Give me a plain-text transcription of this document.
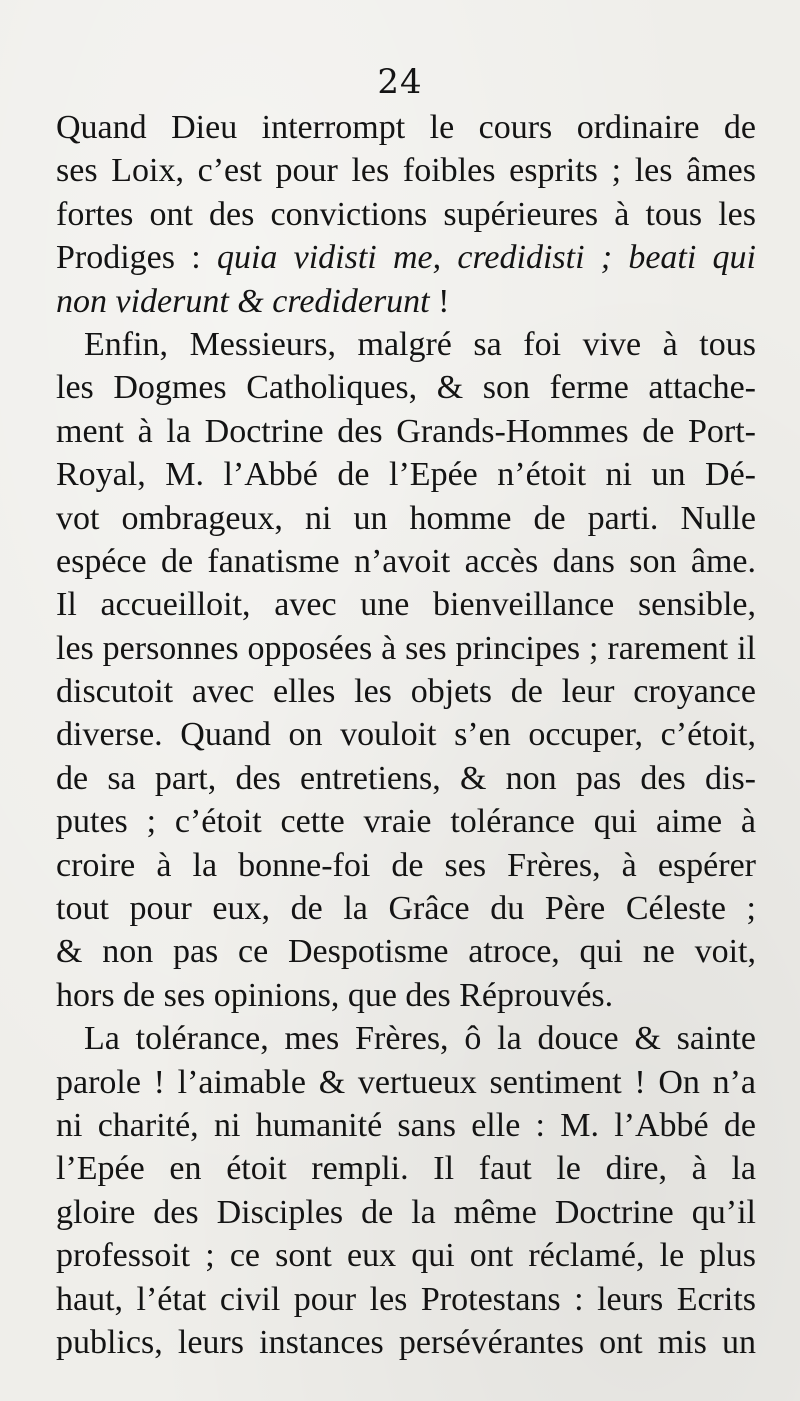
24
Quand Dieu interrompt le cours ordinaire de
ses Loix, c’est pour les foibles esprits ; les âmes
fortes ont des convictions supérieures à tous les
Prodiges : quia vidisti me, credidisti ; beati qui
non viderunt & crediderunt !
Enfin, Messieurs, malgré sa foi vive à tous
les Dogmes Catholiques, & son ferme attache-
ment à la Doctrine des Grands-Hommes de Port-
Royal, M. l’Abbé de l’Epée n’étoit ni un Dé-
vot ombrageux, ni un homme de parti. Nulle
espéce de fanatisme n’avoit accès dans son âme.
Il accueilloit, avec une bienveillance sensible,
les personnes opposées à ses principes ; rarement il
discutoit avec elles les objets de leur croyance
diverse. Quand on vouloit s’en occuper, c’étoit,
de sa part, des entretiens, & non pas des dis-
putes ; c’étoit cette vraie tolérance qui aime à
croire à la bonne-foi de ses Frères, à espérer
tout pour eux, de la Grâce du Père Céleste ;
& non pas ce Despotisme atroce, qui ne voit,
hors de ses opinions, que des Réprouvés.
La tolérance, mes Frères, ô la douce & sainte
parole ! l’aimable & vertueux sentiment ! On n’a
ni charité, ni humanité sans elle : M. l’Abbé de
l’Epée en étoit rempli. Il faut le dire, à la
gloire des Disciples de la même Doctrine qu’il
professoit ; ce sont eux qui ont réclamé, le plus
haut, l’état civil pour les Protestans : leurs Ecrits
publics, leurs instances persévérantes ont mis un
